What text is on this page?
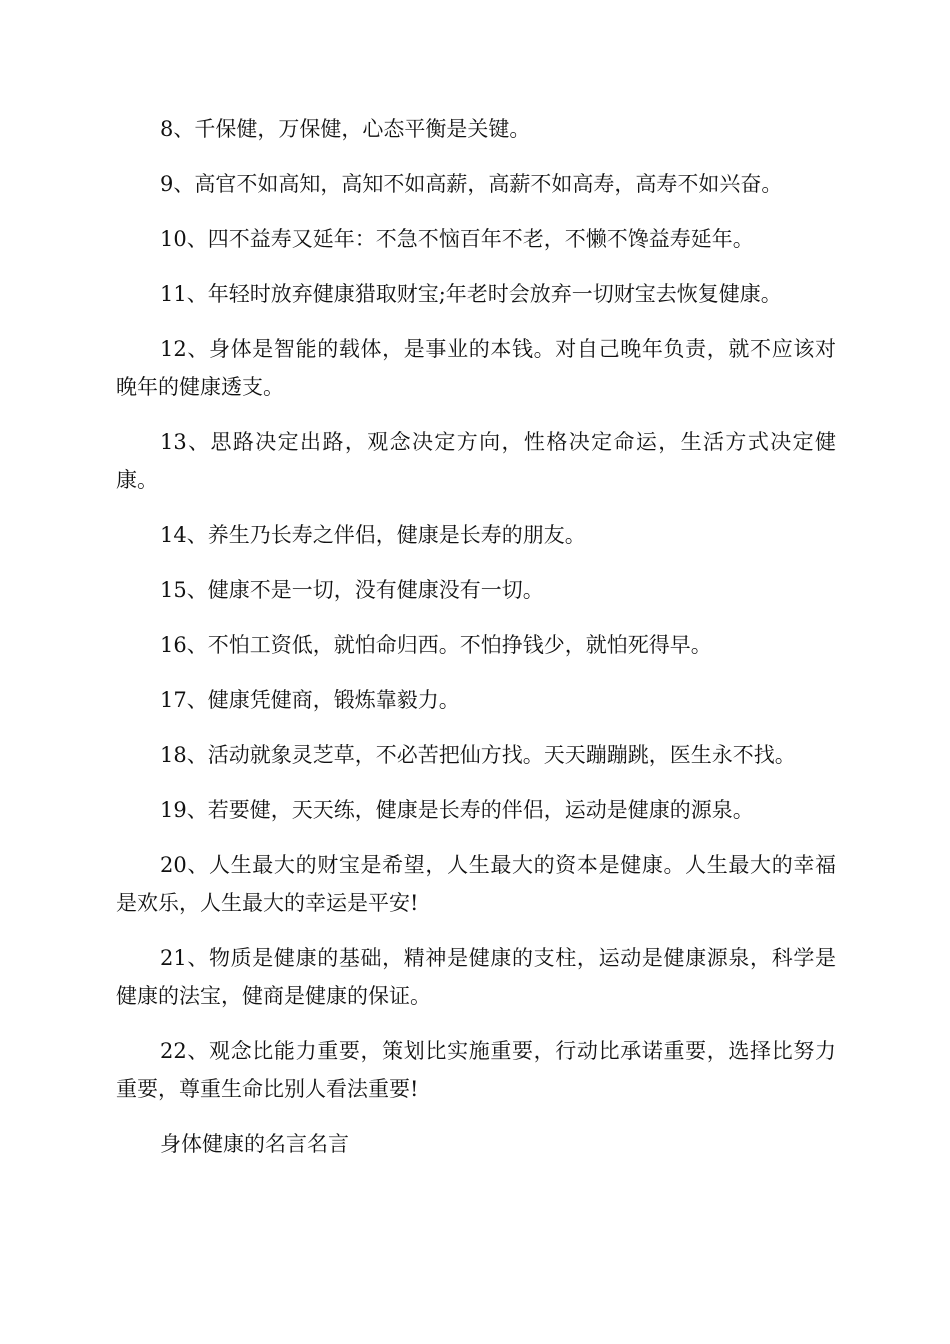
8、千保健，万保健，心态平衡是关键。

9、高官不如高知，高知不如高薪，高薪不如高寿，高寿不如兴奋。

10、四不益寿又延年：不急不恼百年不老，不懒不馋益寿延年。

11、年轻时放弃健康猎取财宝;年老时会放弃一切财宝去恢复健康。

12、身体是智能的载体，是事业的本钱。对自己晚年负责，就不应该对晚年的健康透支。

13、思路决定出路，观念决定方向，性格决定命运，生活方式决定健康。

14、养生乃长寿之伴侣，健康是长寿的朋友。

15、健康不是一切，没有健康没有一切。

16、不怕工资低，就怕命归西。不怕挣钱少，就怕死得早。

17、健康凭健商，锻炼靠毅力。

18、活动就象灵芝草，不必苦把仙方找。天天蹦蹦跳，医生永不找。

19、若要健，天天练，健康是长寿的伴侣，运动是健康的源泉。

20、人生最大的财宝是希望，人生最大的资本是健康。人生最大的幸福是欢乐，人生最大的幸运是平安!

21、物质是健康的基础，精神是健康的支柱，运动是健康源泉，科学是健康的法宝，健商是健康的保证。

22、观念比能力重要，策划比实施重要，行动比承诺重要，选择比努力重要，尊重生命比别人看法重要!

身体健康的名言名言
